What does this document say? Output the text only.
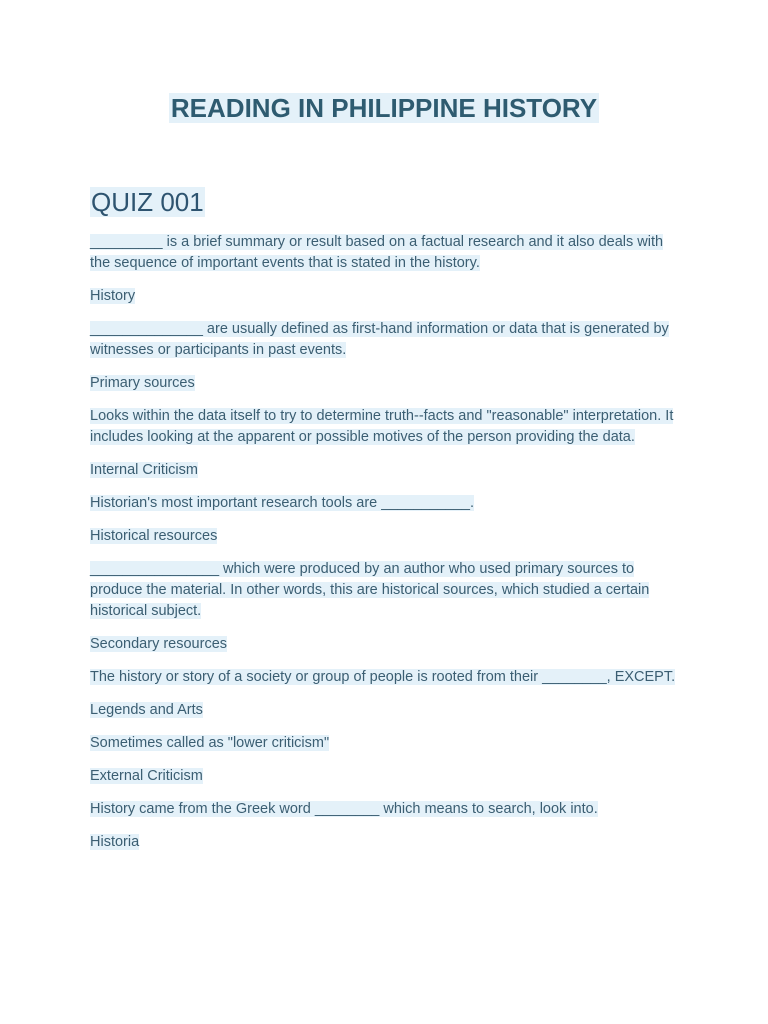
READING IN PHILIPPINE HISTORY
QUIZ 001

_________ is a brief summary or result based on a factual research and it also deals with the sequence of important events that is stated in the history.

History

______________ are usually defined as first-hand information or data that is generated by witnesses or participants in past events.

Primary sources

Looks within the data itself to try to determine truth--facts and "reasonable" interpretation. It includes looking at the apparent or possible motives of the person providing the data.

Internal Criticism

Historian's most important research tools are ___________.

Historical resources

________________ which were produced by an author who used primary sources to produce the material. In other words, this are historical sources, which studied a certain historical subject.

Secondary resources

The history or story of a society or group of people is rooted from their ________, EXCEPT.

Legends and Arts

Sometimes called as "lower criticism"

External Criticism

History came from the Greek word ________ which means to search, look into.

Historia
